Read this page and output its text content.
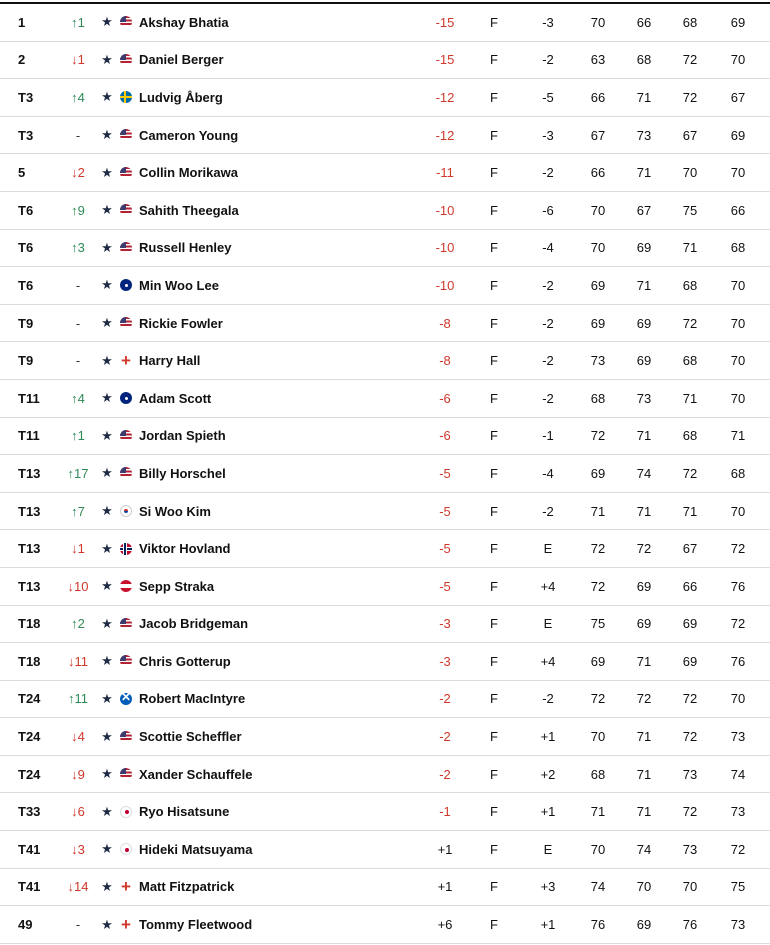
1	↑1	★ Akshay Bhatia	-15	F	-3	70	66	68	69
2	↓1	★ Daniel Berger	-15	F	-2	63	68	72	70
T3	↑4	★ Ludvig Åberg	-12	F	-5	66	71	72	67
T3	-	★ Cameron Young	-12	F	-3	67	73	67	69
5	↓2	★ Collin Morikawa	-11	F	-2	66	71	70	70
T6	↑9	★ Sahith Theegala	-10	F	-6	70	67	75	66
T6	↑3	★ Russell Henley	-10	F	-4	70	69	71	68
T6	-	★ Min Woo Lee	-10	F	-2	69	71	68	70
T9	-	★ Rickie Fowler	-8	F	-2	69	69	72	70
T9	-	★ + Harry Hall	-8	F	-2	73	69	68	70
T11	↑4	★ Adam Scott	-6	F	-2	68	73	71	70
T11	↑1	★ Jordan Spieth	-6	F	-1	72	71	68	71
T13	↑17 ★ Billy Horschel	-5	F	-4	69	74	72	68
T13	↑7	★ Si Woo Kim	-5	F	-2	71	71	71	70
T13	↓1	★ Viktor Hovland	-5	F	E	72	72	67	72
T13	↓10 ★ Sepp Straka	-5	F	+4	72	69	66	76
T18	↑2	★ Jacob Bridgeman	-3	F	E	75	69	69	72
T18	↓11	★ Chris Gotterup	-3	F	+4	69	71	69	76
T24	↑11	★
✕ Robert MacIntyre	-2	F	-2	72	72	72	70
T24	↓4	★ Scottie Scheffler	-2	F	+1	70	71	72	73
T24	↓9	★ Xander Schauffele	-2	F	+2	68	71	73	74
T33	↓6	★ Ryo Hisatsune	-1	F	+1	71	71	72	73
T41	↓3	★ Hideki Matsuyama	+1	F	E	70	74	73	72
T41	↓14 ★ + Matt Fitzpatrick	+1	F	+3	74	70	70	75
49	-	★ + Tommy Fleetwood	+6	F	+1	76	69	76	73
